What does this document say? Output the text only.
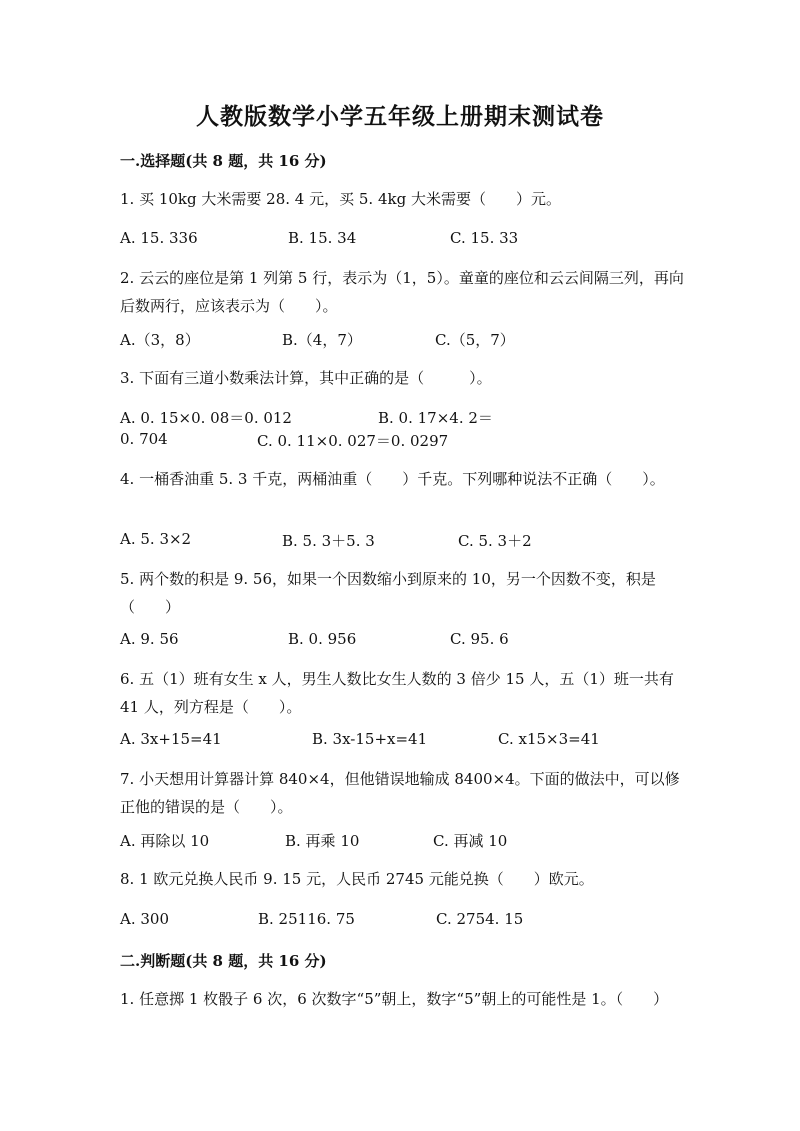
人教版数学小学五年级上册期末测试卷
一.选择题(共 8 题，共 16 分)
1. 买 10kg 大米需要 28. 4 元，买 5. 4kg 大米需要（　　）元。
A. 15. 336	B. 15. 34	C. 15. 33
2. 云云的座位是第 1 列第 5 行，表示为（1，5）。童童的座位和云云间隔三列，再向后数两行，应该表示为（　　）。
A.（3，8）	B.（4，7）	C.（5，7）
3. 下面有三道小数乘法计算，其中正确的是（　　　）。
A. 0. 15×0. 08＝0. 012	B. 0. 17×4. 2＝
0. 704	C. 0. 11×0. 027＝0. 0297
4. 一桶香油重 5. 3 千克，两桶油重（　　）千克。下列哪种说法不正确（　　）。
A. 5. 3×2	B. 5. 3＋5. 3	C. 5. 3＋2
5. 两个数的积是 9. 56，如果一个因数缩小到原来的 10，另一个因数不变，积是（　　）
A. 9. 56	B. 0. 956	C. 95. 6
6. 五（1）班有女生 x 人，男生人数比女生人数的 3 倍少 15 人，五（1）班一共有 41 人，列方程是（　　）。
A. 3x+15=41	B. 3x-15+x=41	C. x15×3=41
7. 小天想用计算器计算 840×4，但他错误地输成 8400×4。下面的做法中，可以修正他的错误的是（　　）。
A. 再除以 10	B. 再乘 10	C. 再减 10
8. 1 欧元兑换人民币 9. 15 元，人民币 2745 元能兑换（　　）欧元。
A. 300	B. 25116. 75	C. 2754. 15
二.判断题(共 8 题，共 16 分)
1. 任意掷 1 枚骰子 6 次，6 次数字“5”朝上，数字“5”朝上的可能性是 1。（　　）
